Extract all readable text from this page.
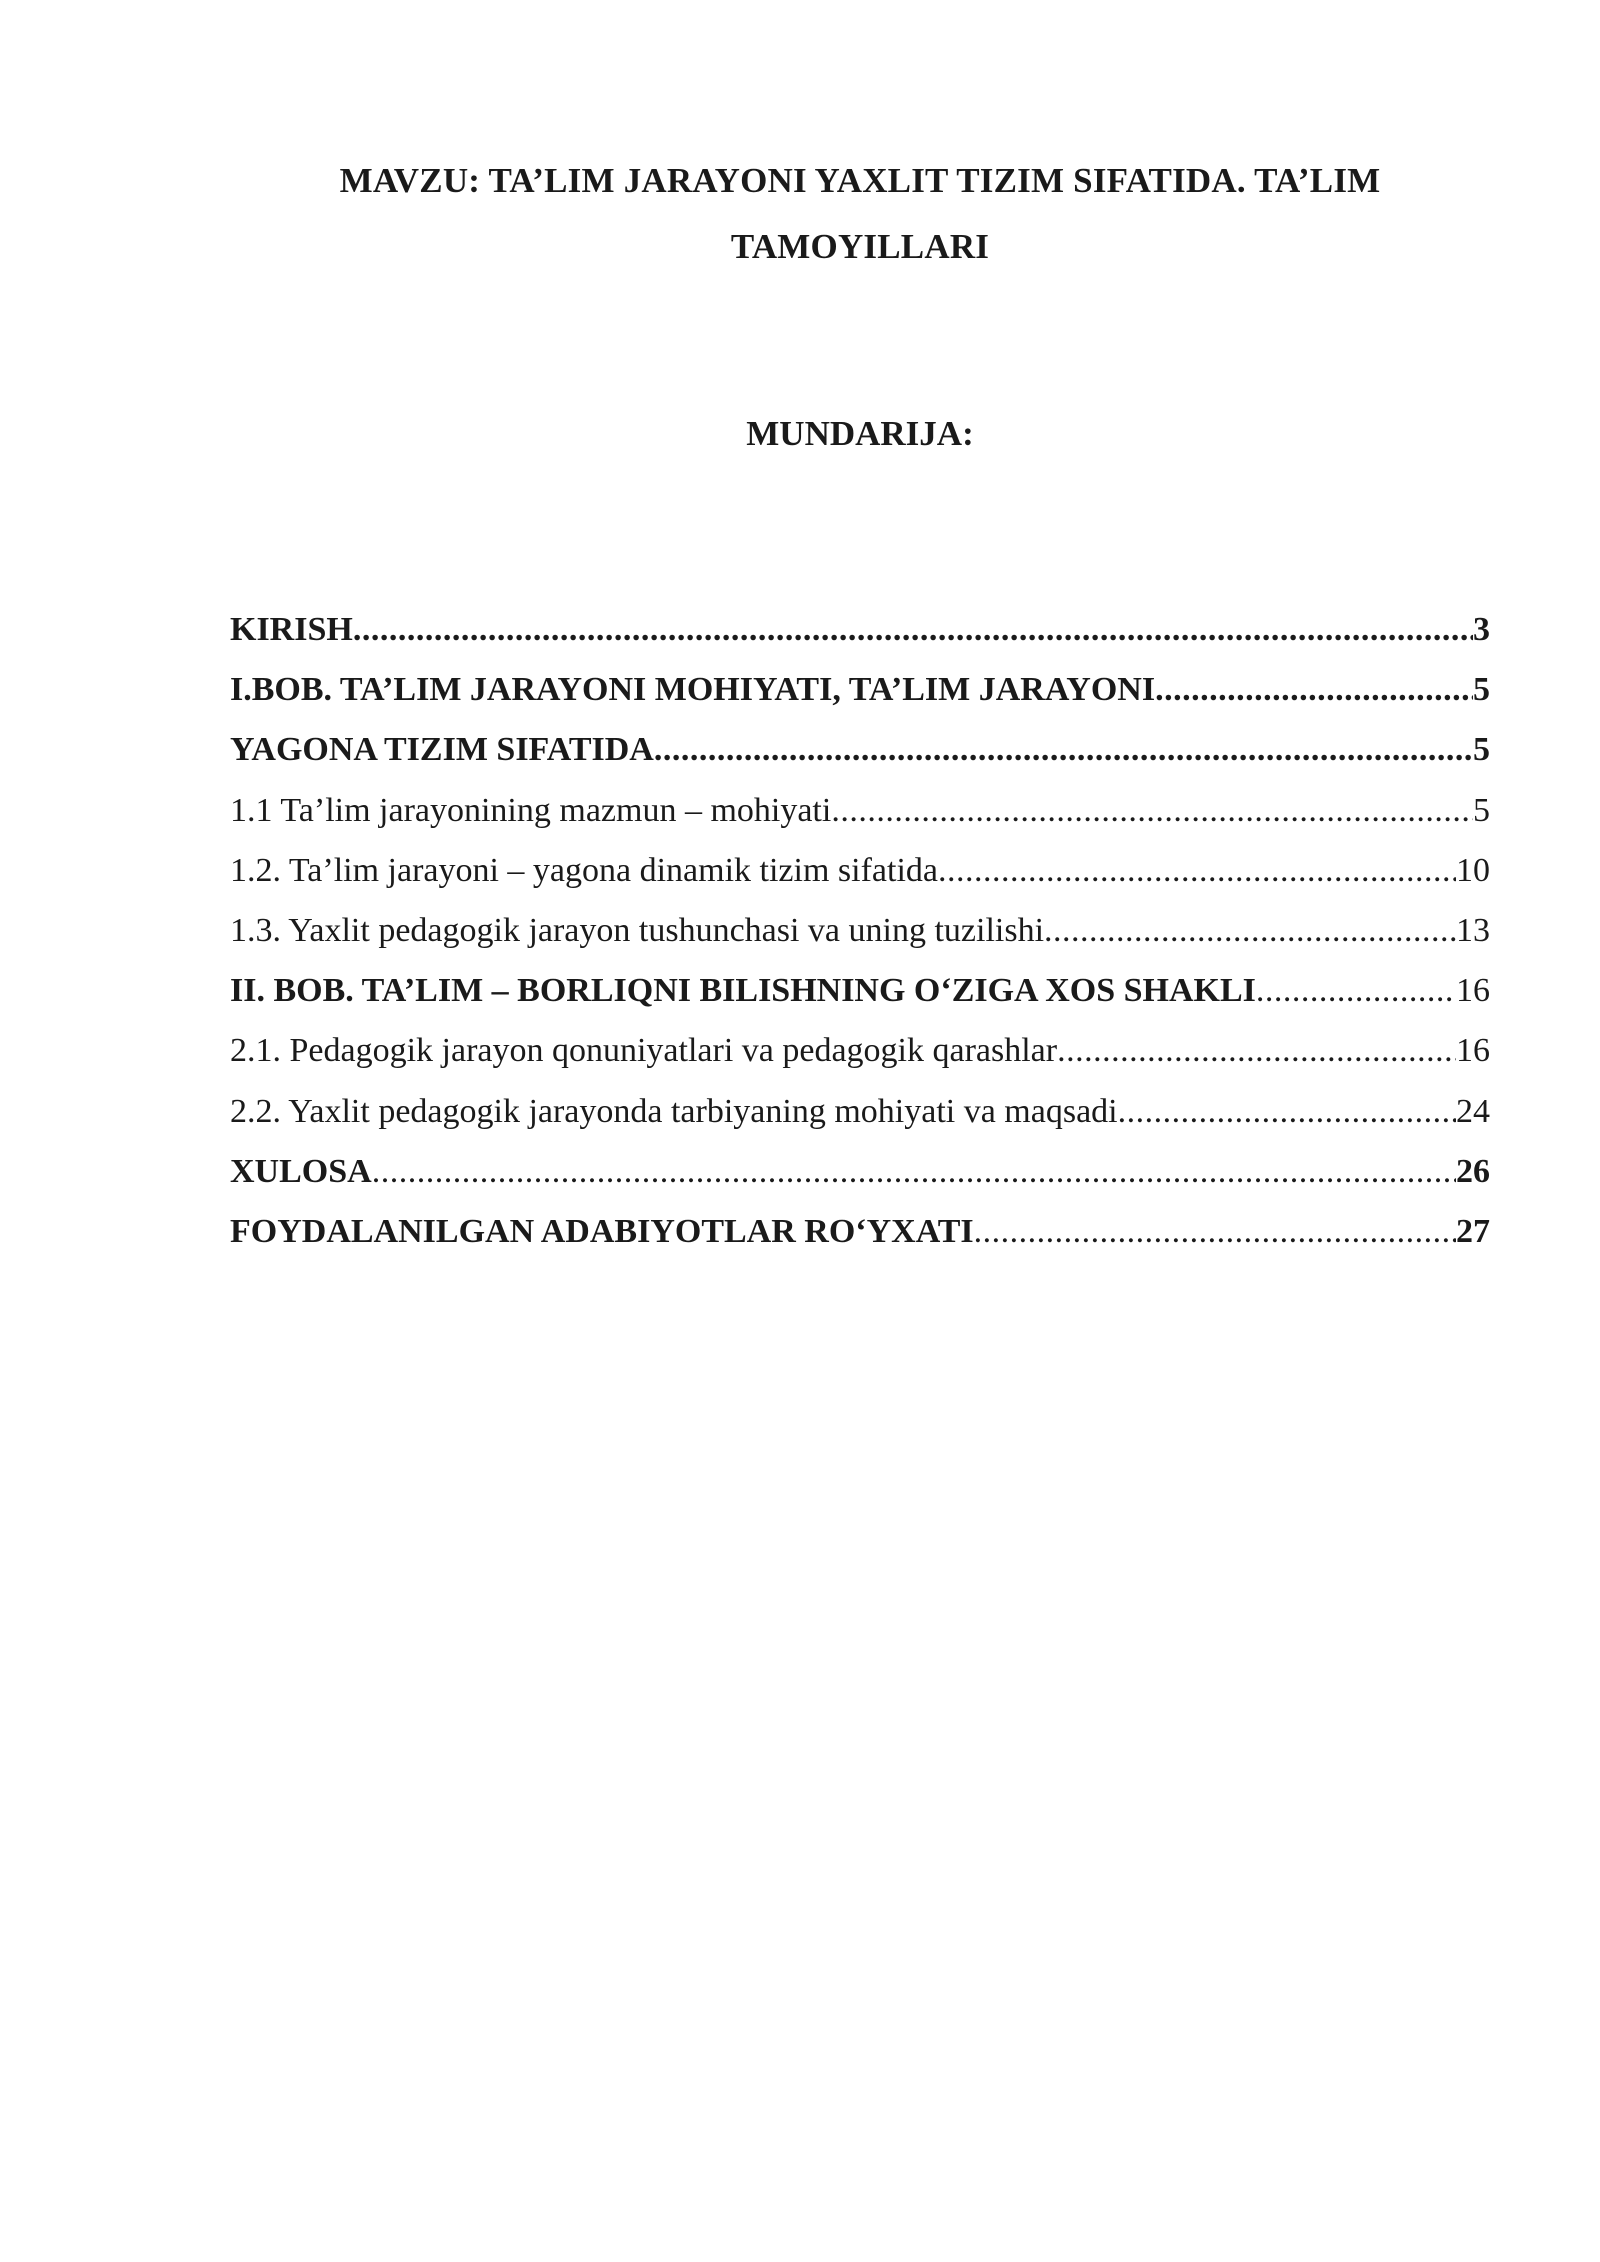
MAVZU: TA’LIM JARAYONI YAXLIT TIZIM SIFATIDA. TA’LIM
TAMOYILLARI
MUNDARIJA:
KIRISH .....	3
I.BOB. TA’LIM JARAYONI MOHIYATI, TA’LIM JARAYONI .....	5
YAGONA TIZIM SIFATIDA .....	5
1.1 Ta’lim jarayonining mazmun – mohiyati .....	5
1.2. Ta’lim jarayoni – yagona dinamik tizim sifatida .....	10
1.3. Yaxlit pedagogik jarayon tushunchasi va uning tuzilishi .....	13
II. BOB. TA’LIM – BORLIQNI BILISHNING O‘ZIGA XOS SHAKLI .....	16
2.1. Pedagogik jarayon qonuniyatlari va pedagogik qarashlar .....	16
2.2. Yaxlit pedagogik jarayonda tarbiyaning mohiyati va maqsadi .....	24
XULOSA .....	26
FOYDALANILGAN ADABIYOTLAR RO‘YXATI .....	27
